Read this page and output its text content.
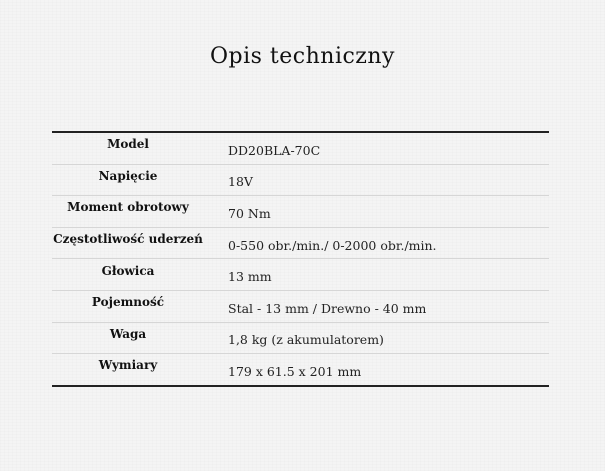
Opis techniczny
Model	DD20BLA-70C
Napięcie	18V
Moment obrotowy	70 Nm
Częstotliwość uderzeń	0-550 obr./min./ 0-2000 obr./min.
Głowica	13 mm
Pojemność	Stal - 13 mm / Drewno - 40 mm
Waga	1,8 kg (z akumulatorem)
Wymiary	179 x 61.5 x 201 mm
